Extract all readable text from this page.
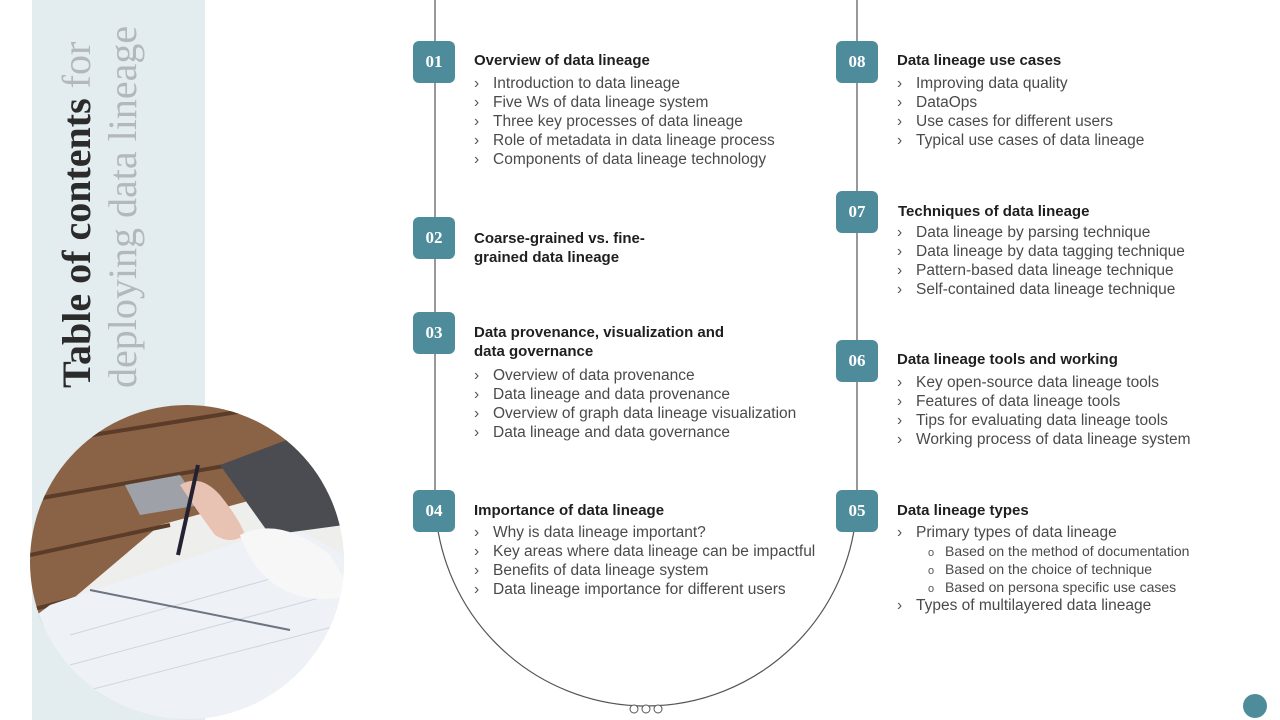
Table of contents for deploying data lineage	01	Overview of data lineage
› Introduction to data lineage
› Five Ws of data lineage system
› Three key processes of data lineage
› Role of metadata in data lineage process
› Components of data lineage technology
02	Coarse-grained vs. fine-
grained data lineage
03	Data provenance, visualization and
data governance
› Overview of data provenance
› Data lineage and data provenance
› Overview of graph data lineage visualization
› Data lineage and data governance
04	Importance of data lineage
› Why is data lineage important?
› Key areas where data lineage can be impactful
› Benefits of data lineage system
› Data lineage importance for different users
08	Data lineage use cases
› Improving data quality
› DataOps
› Use cases for different users
› Typical use cases of data lineage
07	Techniques of data lineage
› Data lineage by parsing technique
› Data lineage by data tagging technique
› Pattern-based data lineage technique
› Self-contained data lineage technique
06	Data lineage tools and working
› Key open-source data lineage tools
› Features of data lineage tools
› Tips for evaluating data lineage tools
› Working process of data lineage system
05	Data lineage types
› Primary types of data lineage
o Based on the method of documentation
o Based on the choice of technique
o Based on persona specific use cases
› Types of multilayered data lineage
